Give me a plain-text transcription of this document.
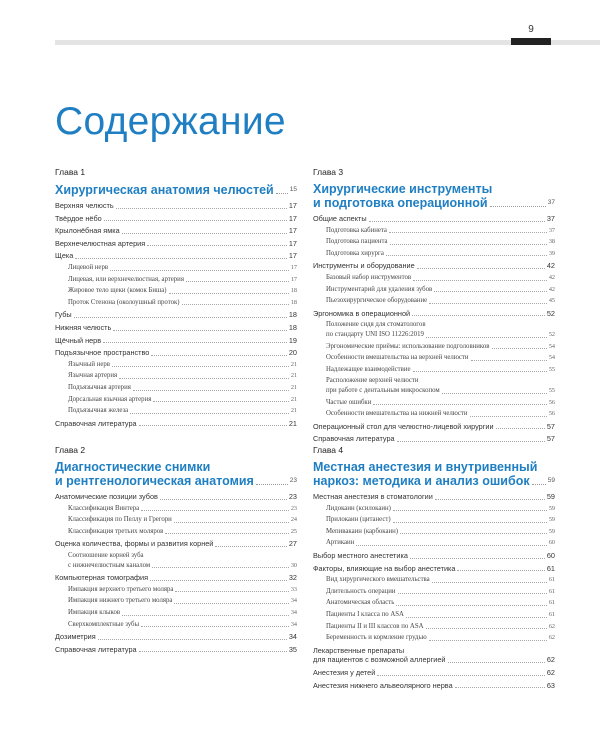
9
Содержание
Глава 1
Хирургическая анатомия челюстей 15
Верхняя челюсть	17
Твёрдое нёбо	17
Крылонёбная ямка	17
Верхнечелюстная артерия	17
Щека	17
Лицевой нерв	17
Лицевая, или верхнечелюстная, артерия	17
Жировое тело щеки (комок Биша)	18
Проток Стенона (околоушный проток)	18
Губы	18
Нижняя челюсть	18
Щёчный нерв	19
Подъязычное пространство	20
Язычный нерв	21
Язычная артерия	21
Подъязычная артерия	21
Дорсальная язычная артерия	21
Подъязычная железа	21
Справочная литература	21
Глава 2
Диагностические снимки
и рентгенологическая анатомия	23
Анатомические позиции зубов	23
Классификация Винтера	23
Классификация по Пеллу и Грегори	24
Классификация третьих моляров	25
Оценка количества, формы и развития корней	27
Соотношение корней зуба
с нижнечелюстным каналом	30
Компьютерная томография	32
Импакция верхнего третьего моляра	33
Импакция нижнего третьего моляра	34
Импакция клыков	34
Сверхкомплектные зубы	34
Дозиметрия	34
Справочная литература	35
Глава 3
Хирургические инструменты
и подготовка операционной	37
Общие аспекты	37
Подготовка кабинета	37
Подготовка пациента	38
Подготовка хирурга	39
Инструменты и оборудование	42
Базовый набор инструментов	42
Инструментарий для удаления зубов	42
Пьезохирургическое оборудование	45
Эргономика в операционной	52
Положение сидя для стоматологов
по стандарту UNI ISO 11226:2019	52
Эргономические приёмы: использование подголовников	54
Особенности вмешательства на верхней челюсти	54
Надлежащее взаимодействие	55
Расположение верхней челюсти
при работе с дентальным микроскопом	55
Частые ошибки	56
Особенности вмешательства на нижней челюсти	56
Операционный стол для челюстно-лицевой хирургии	57
Справочная литература	57
Глава 4
Местная анестезия и внутривенный
наркоз: методика и анализ ошибок	59
Местная анестезия в стоматологии	59
Лидокаин (ксилокаин)	59
Прилокаин (цитанест)	59
Мепивакаин (карбокаин)	59
Артикаин	60
Выбор местного анестетика	60
Факторы, влияющие на выбор анестетика	61
Вид хирургического вмешательства	61
Длительность операции	61
Анатомическая область	61
Пациенты I класса по ASA	61
Пациенты II и III классов по ASA	62
Беременность и кормление грудью	62
Лекарственные препараты
для пациентов с возможной аллергией	62
Анестезия у детей	62
Анестезия нижнего альвеолярного нерва	63
